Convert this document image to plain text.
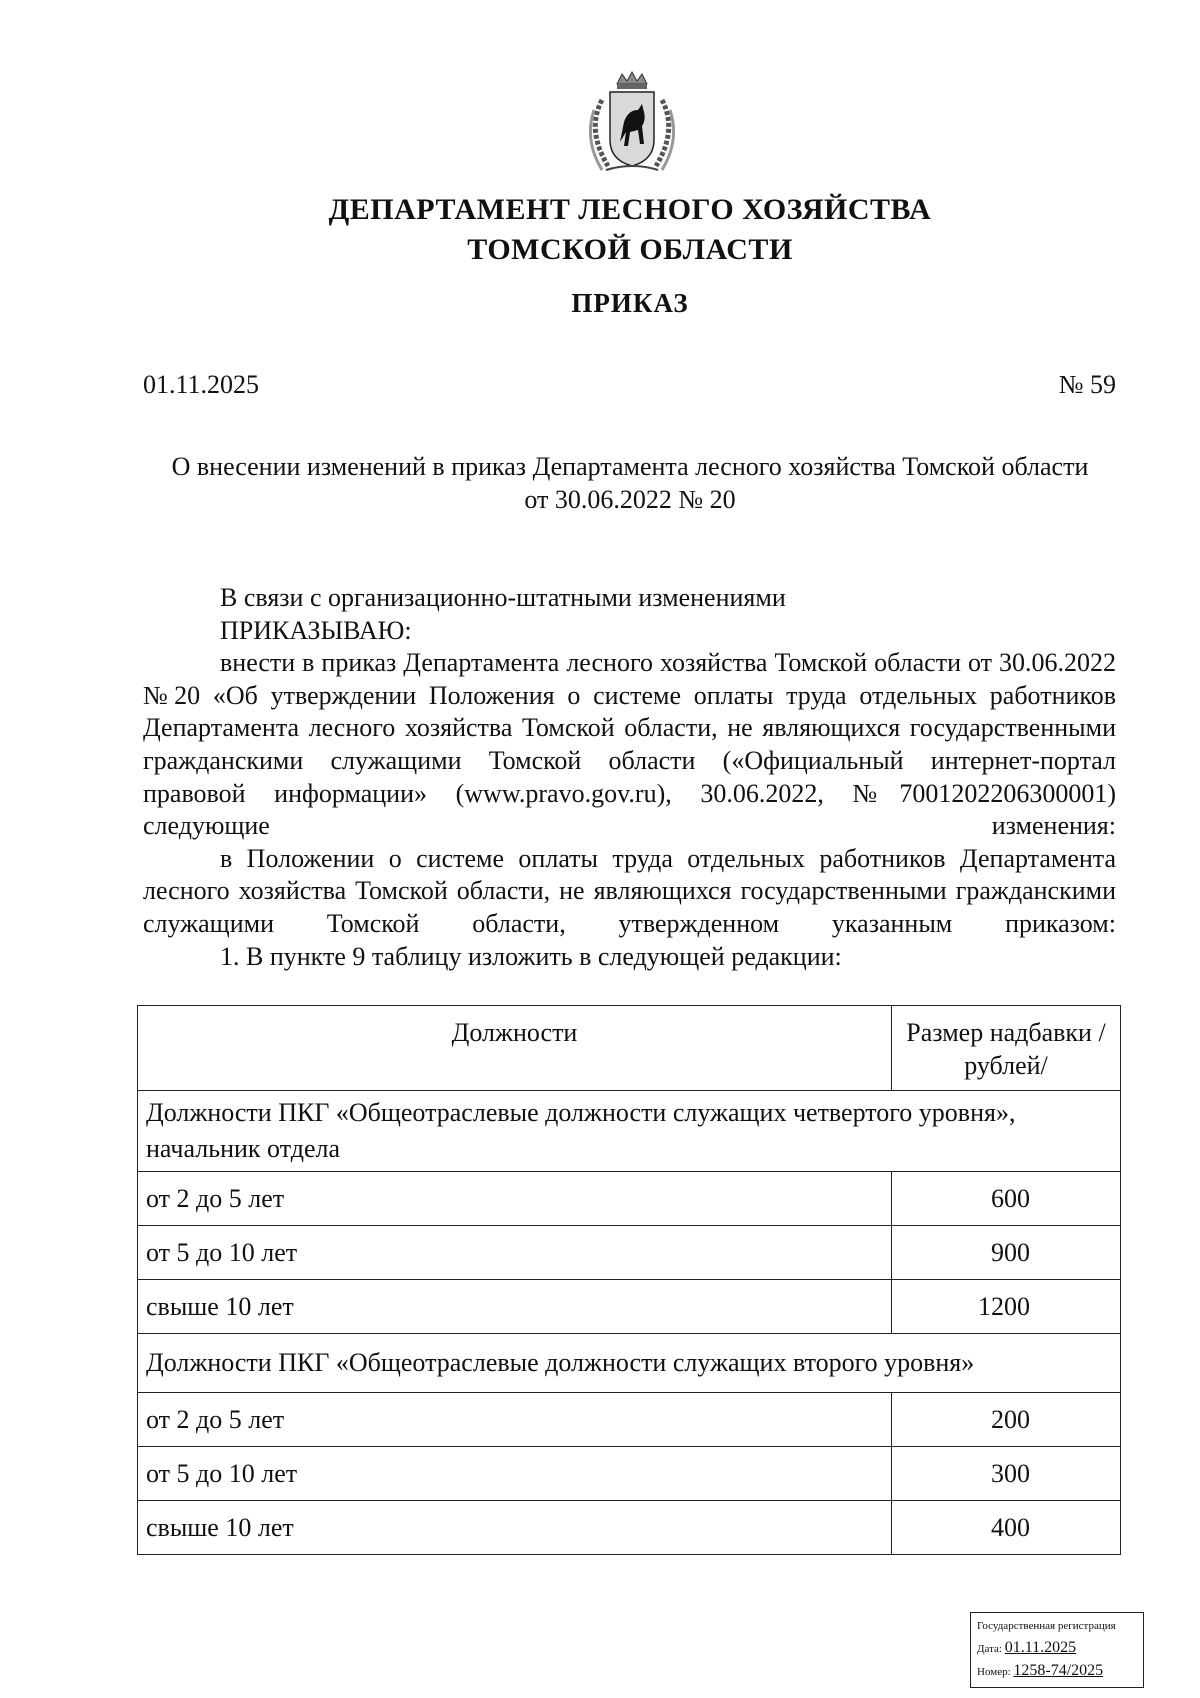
ДЕПАРТАМЕНТ ЛЕСНОГО ХОЗЯЙСТВА
ТОМСКОЙ ОБЛАСТИ
ПРИКАЗ
01.11.2025	№ 59
О внесении изменений в приказ Департамента лесного хозяйства Томской области от 30.06.2022 № 20

В связи с организационно-штатными изменениями

ПРИКАЗЫВАЮ:

внести в приказ Департамента лесного хозяйства Томской области от 30.06.2022 №20 «Об утверждении Положения о системе оплаты труда отдельных работников Департамента лесного хозяйства Томской области, не являющихся государственными гражданскими служащими Томской области («Официальный интернет-портал правовой информации» (www.pravo.gov.ru), 30.06.2022, №7001202206300001) следующие изменения:

в Положении о системе оплаты труда отдельных работников Департамента лесного хозяйства Томской области, не являющихся государственными гражданскими служащими Томской области, утвержденном указанным приказом:

1. В пункте 9 таблицу изложить в следующей редакции:

Должности	Размер надбавки /рублей/
Должности ПКГ «Общеотраслевые должности служащих четвертого уровня», начальник отдела	
от 2 до 5 лет	600
от 5 до 10 лет	900
свыше 10 лет	1200
Должности ПКГ «Общеотраслевые должности служащих второго уровня»	
от 2 до 5 лет	200
от 5 до 10 лет	300
свыше 10 лет	400
Государственная регистрация
Дата: 01.11.2025
Номер: 1258-74/2025
